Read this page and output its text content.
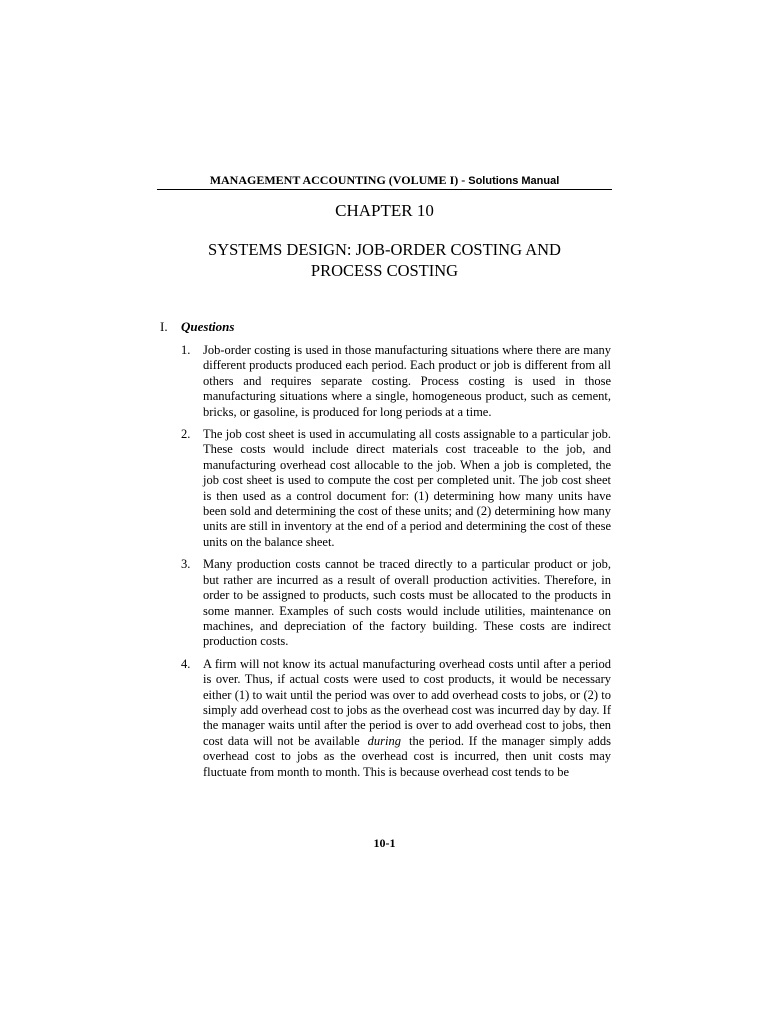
MANAGEMENT ACCOUNTING (VOLUME I) - Solutions Manual
CHAPTER 10
SYSTEMS DESIGN: JOB-ORDER COSTING AND
PROCESS COSTING
I. Questions
1.	Job-order costing is used in those manufacturing situations where there are many different products produced each period. Each product or job is different from all others and requires separate costing. Process costing is used in those manufacturing situations where a single, homogeneous product, such as cement, bricks, or gasoline, is produced for long periods at a time.
2.	The job cost sheet is used in accumulating all costs assignable to a particular job. These costs would include direct materials cost traceable to the job, and manufacturing overhead cost allocable to the job. When a job is completed, the job cost sheet is used to compute the cost per completed unit. The job cost sheet is then used as a control document for: (1) determining how many units have been sold and determining the cost of these units; and (2) determining how many units are still in inventory at the end of a period and determining the cost of these units on the balance sheet.
3.	Many production costs cannot be traced directly to a particular product or job, but rather are incurred as a result of overall production activities. Therefore, in order to be assigned to products, such costs must be allocated to the products in some manner. Examples of such costs would include utilities, maintenance on machines, and depreciation of the factory building. These costs are indirect production costs.
4.	A firm will not know its actual manufacturing overhead costs until after a period is over. Thus, if actual costs were used to cost products, it would be necessary either (1) to wait until the period was over to add overhead costs to jobs, or (2) to simply add overhead cost to jobs as the overhead cost was incurred day by day. If the manager waits until after the period is over to add overhead cost to jobs, then cost data will not be available during the period. If the manager simply adds overhead cost to jobs as the overhead cost is incurred, then unit costs may fluctuate from month to month. This is because overhead cost tends to be
10-1
